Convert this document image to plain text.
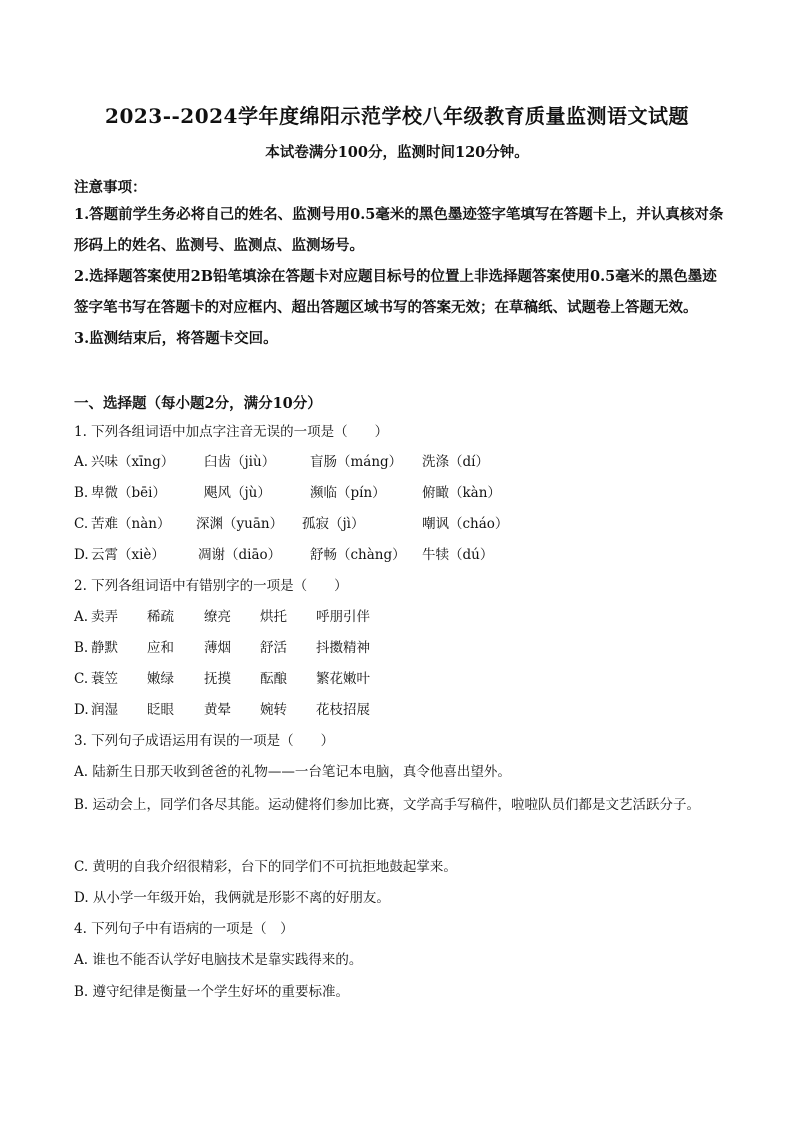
2023--2024学年度绵阳示范学校八年级教育质量监测语文试题
本试卷满分100分，监测时间120分钟。
注意事项：

1.答题前学生务必将自己的姓名、监测号用0.5毫米的黑色墨迹签字笔填写在答题卡上，并认真核对条形码上的姓名、监测号、监测点、监测场号。

2.选择题答案使用2B铅笔填涂在答题卡对应题目标号的位置上非选择题答案使用0.5毫米的黑色墨迹签字笔书写在答题卡的对应框内、超出答题区域书写的答案无效；在草稿纸、试题卷上答题无效。

3.监测结束后，将答题卡交回。

一、选择题（每小题2分，满分10分）
1. 下列各组词语中加点字注音无误的一项是（　　）
A. 兴味（xīng） 臼齿（jiù）	盲肠（máng） 洗涤（dí）
B. 卑微（bēi）	飓风（jù）	濒临（pín）	俯瞰（kàn）
C. 苦难（nàn） 深渊（yuān） 孤寂（jì）	嘲讽（cháo）
D. 云霄（xiè） 凋谢（diāo） 舒畅（chàng） 牛犊（dú）
2. 下列各组词语中有错别字的一项是（　　）
A. 卖弄 稀疏 缭亮 烘托 呼朋引伴
B. 静默 应和 薄烟 舒活 抖擞精神
C. 蓑笠 嫩绿 抚摸 酝酿 繁花嫩叶
D. 润湿 眨眼 黄晕 婉转 花枝招展
3. 下列句子成语运用有误的一项是（　　）
A. 陆新生日那天收到爸爸的礼物——一台笔记本电脑，真令他喜出望外。
B. 运动会上，同学们各尽其能。运动健将们参加比赛，文学高手写稿件，啦啦队员们都是文艺活跃分子。
C. 黄明的自我介绍很精彩，台下的同学们不可抗拒地鼓起掌来。
D. 从小学一年级开始，我俩就是形影不离的好朋友。
4. 下列句子中有语病的一项是（　）
A. 谁也不能否认学好电脑技术是靠实践得来的。
B. 遵守纪律是衡量一个学生好坏的重要标准。
